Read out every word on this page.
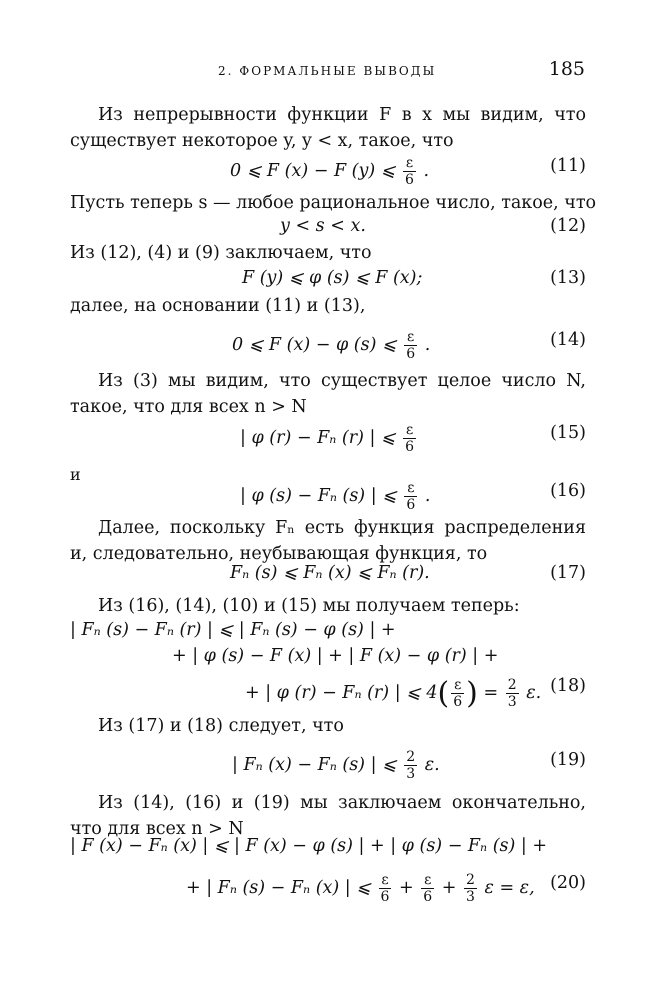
2. ФОРМАЛЬНЫЕ ВЫВОДЫ	185

Из непрерывности функции F в x мы видим, что существует некоторое y, y < x, такое, что

0 ⩽ F (x) − F (y) ⩽ $\frac{\varepsilon}{6}$ .	(11)

Пусть теперь s — любое рациональное число, такое, что

y < s < x.	(12)

Из (12), (4) и (9) заключаем, что

F (y) ⩽ φ (s) ⩽ F (x);	(13)

далее, на основании (11) и (13),

0 ⩽ F (x) − φ (s) ⩽ $\frac{\varepsilon}{6}$ .	(14)

Из (3) мы видим, что существует целое число N, такое, что для всех n > N

| φ (r) − Fₙ (r) | ⩽ $\frac{\varepsilon}{6}$	(15)
и
| φ (s) − Fₙ (s) | ⩽ $\frac{\varepsilon}{6}$ .	(16)

Далее, поскольку Fₙ есть функция распределения и, следовательно, неубывающая функция, то

Fₙ (s) ⩽ Fₙ (x) ⩽ Fₙ (r).	(17)

Из (16), (14), (10) и (15) мы получаем теперь:

| Fₙ (s) − Fₙ (r) | ⩽ | Fₙ (s) − φ (s) | +
+ | φ (s) − F (x) | + | F (x) − φ (r) | +
+ | φ (r) − Fₙ (r) | ⩽ $4( \frac{\varepsilon}{6}$ ) = $\frac{2}{3} \varepsilon$. (18)

Из (17) и (18) следует, что

| Fₙ (x) − Fₙ (s) | ⩽ $\frac{2}{3} \varepsilon$.	(19)

Из (14), (16) и (19) мы заключаем окончательно, что для всех n > N

| F (x) − Fₙ (x) | ⩽ | F (x) − φ (s) | + | φ (s) − Fₙ (s) | +
+ | Fₙ (s) − Fₙ (x) | ⩽ $\frac{\varepsilon}{6} + \frac{\varepsilon}{6} + \frac{2}{3}$ ε = ε, (20)
